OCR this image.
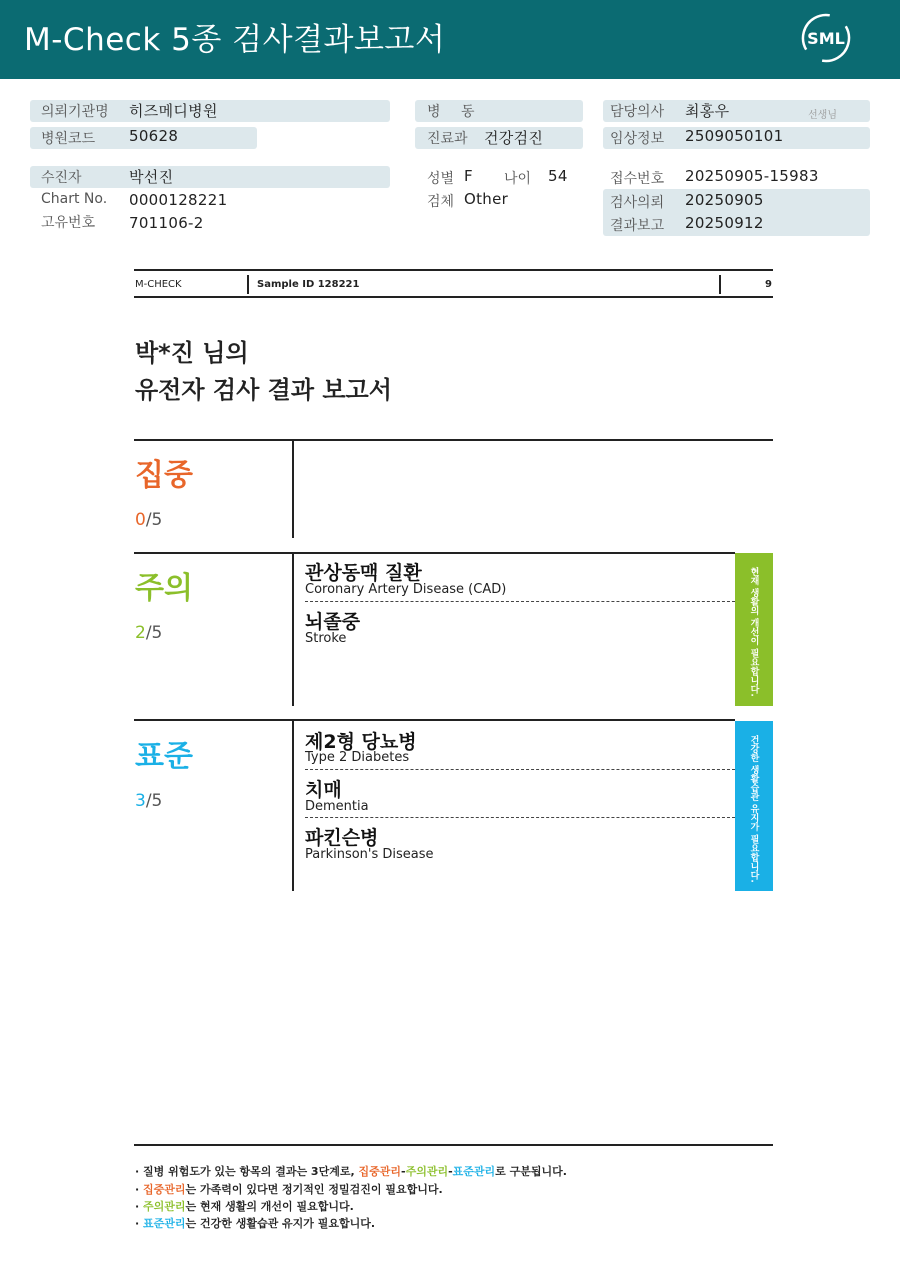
M-Check 5종 검사결과보고서	SML
의뢰기관명 히즈메디병원
병원코드 50628
병 동
진료과 건강검진
담당의사 최홍우	선생님
임상정보 2509050101
수진자	박선진
Chart No. 0000128221
고유번호 701106-2
성별 F 나이 54
검체 Other
접수번호 20250905-15983
검사의뢰 20250905
결과보고 20250912
M-CHECK	Sample ID 128221	9
박*진 님의
유전자 검사 결과 보고서
집중
0/5
주의
2/5
관상동맥 질환
Coronary Artery Disease (CAD)
뇌졸중
Stroke	현재 생활의 개선이 필요합니다.
표준
3/5
제2형 당뇨병
Type 2 Diabetes
치매
Dementia
파킨슨병
Parkinson's Disease	건강한 생활습관 유지가 필요합니다.
· 질병 위험도가 있는 항목의 결과는 3단계로, 집중관리-주의관리-표준관리로 구분됩니다.
· 집중관리는 가족력이 있다면 정기적인 정밀검진이 필요합니다.
· 주의관리는 현재 생활의 개선이 필요합니다.
· 표준관리는 건강한 생활습관 유지가 필요합니다.
